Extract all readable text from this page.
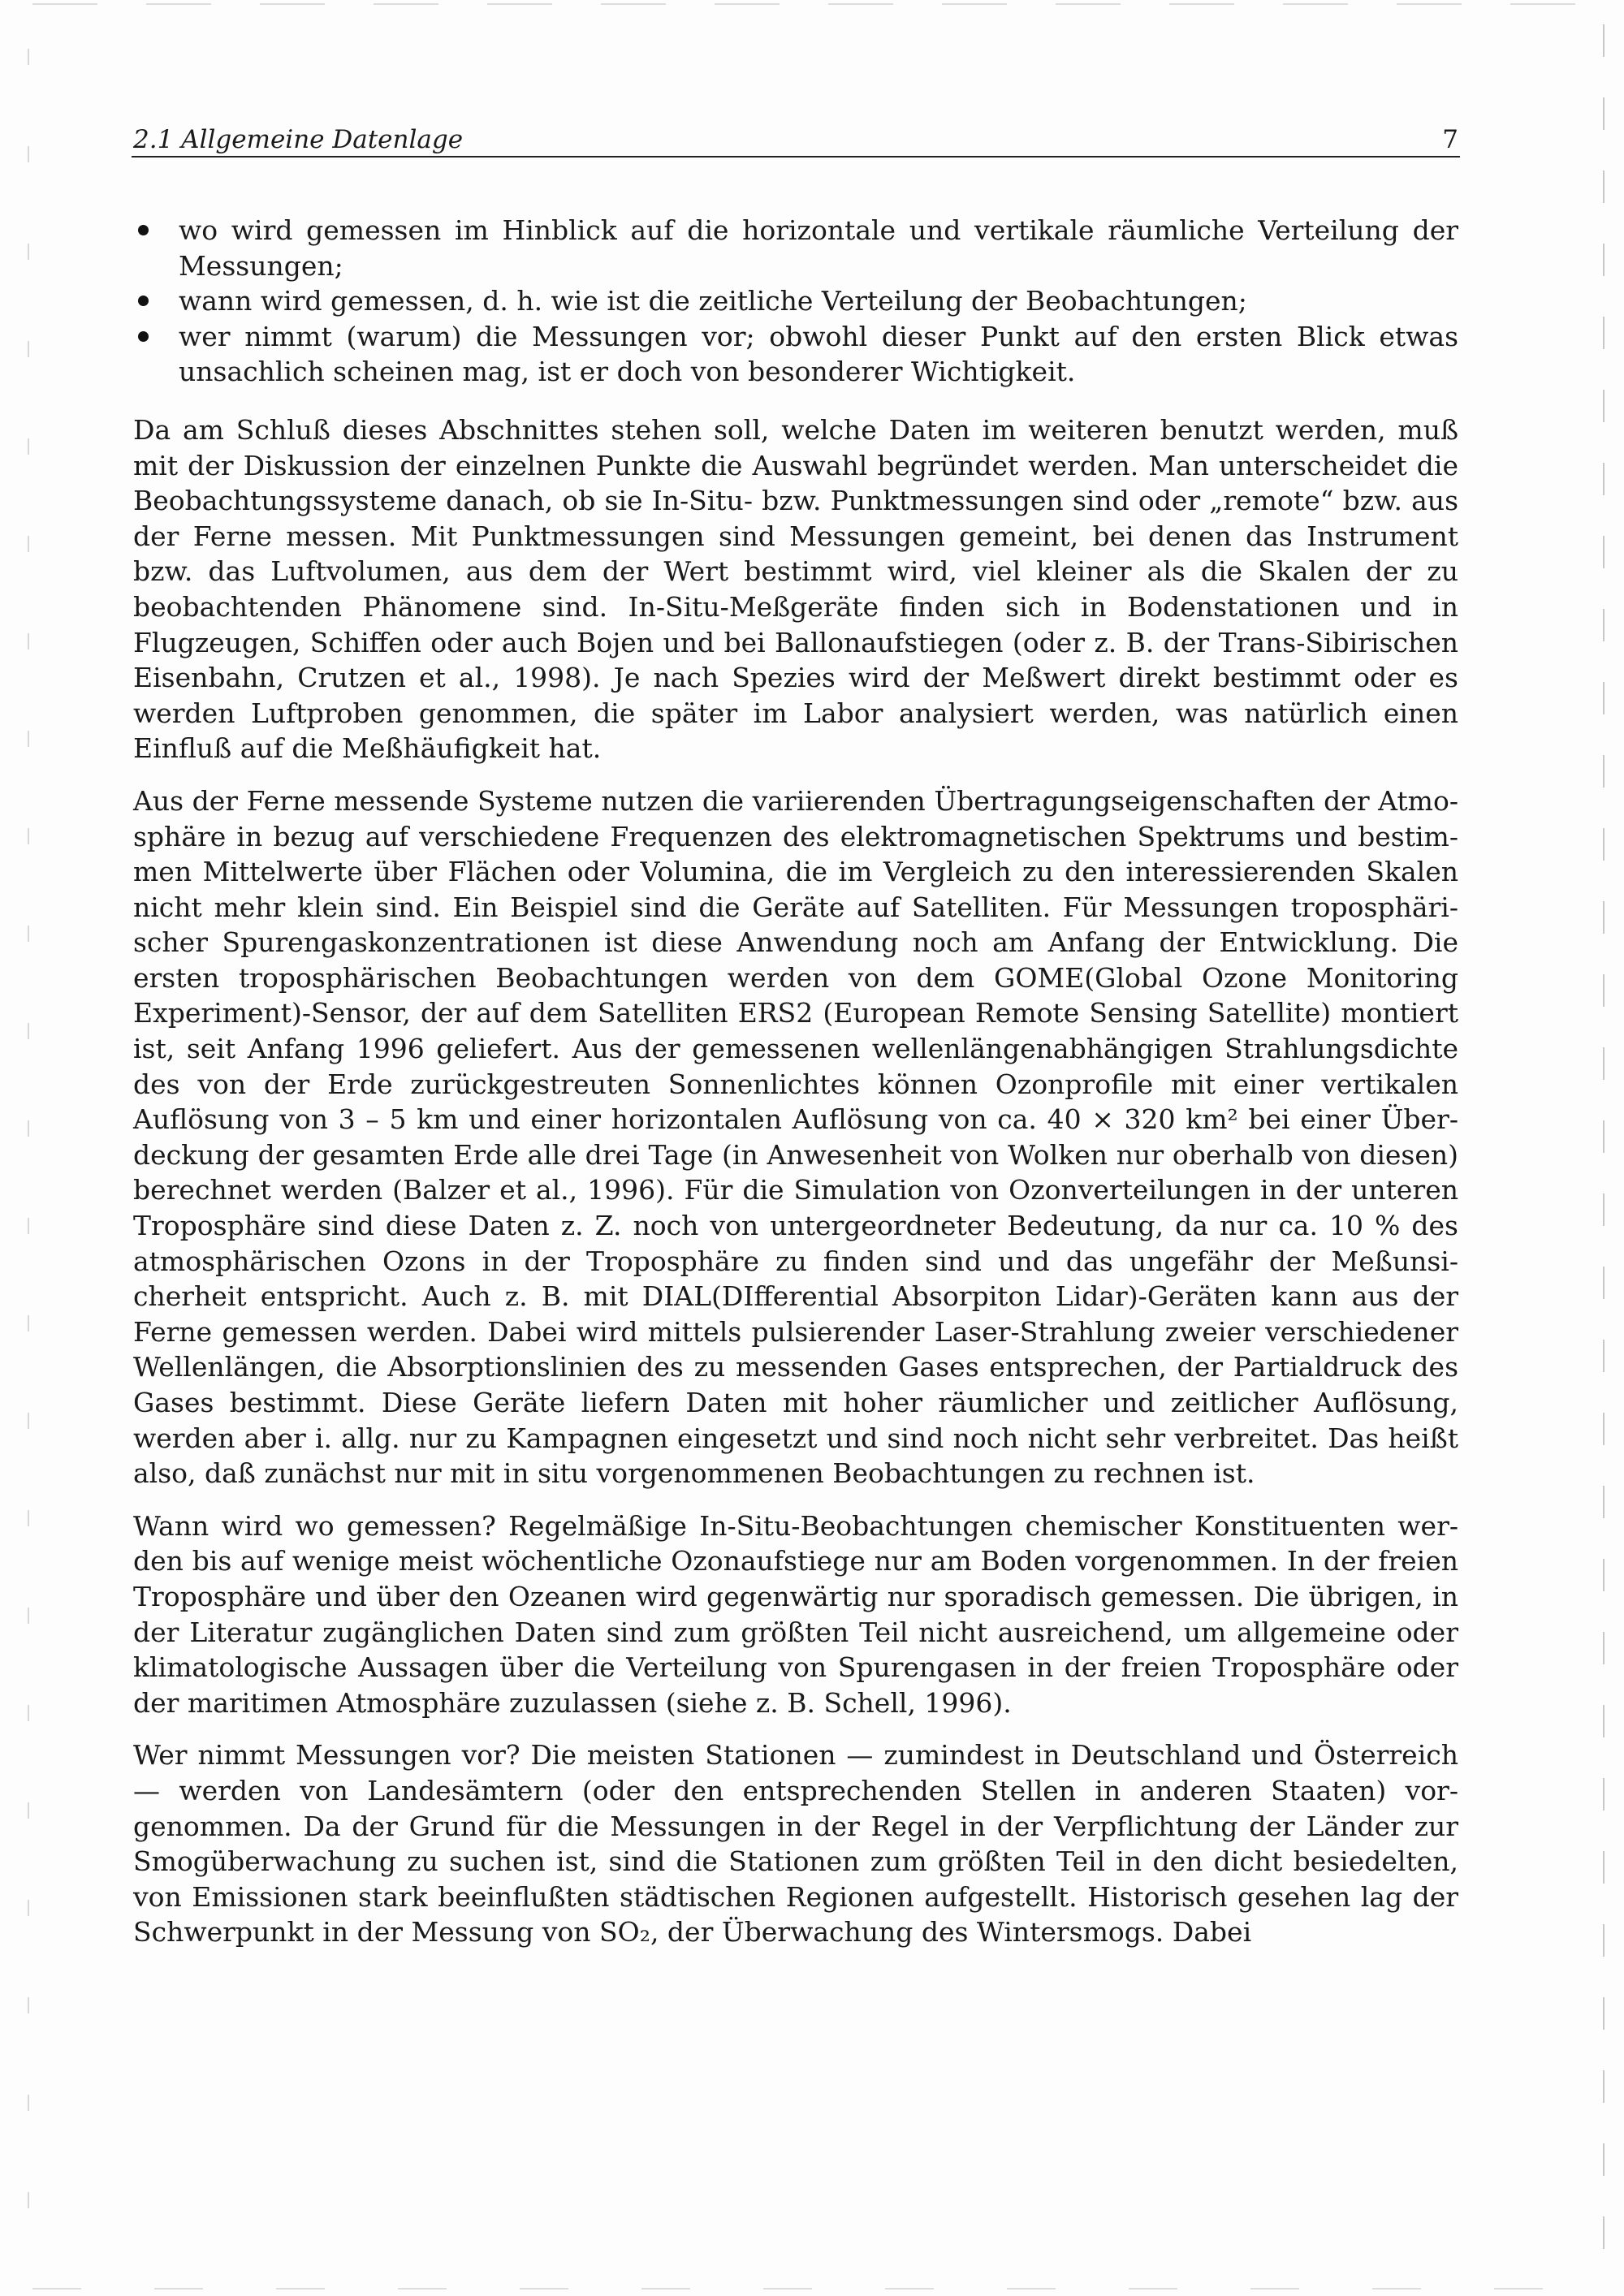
2.1 Allgemeine Datenlage	7
wo wird gemessen im Hinblick auf die horizontale und vertikale räumliche Verteilung der Messungen;
wann wird gemessen, d. h. wie ist die zeitliche Verteilung der Beobachtungen;
wer nimmt (warum) die Messungen vor; obwohl dieser Punkt auf den ersten Blick etwas unsachlich scheinen mag, ist er doch von besonderer Wichtigkeit.

Da am Schluß dieses Abschnittes stehen soll, welche Daten im weiteren benutzt werden, muß mit der Diskussion der einzelnen Punkte die Auswahl begründet werden. Man unterscheidet die Beobachtungssysteme danach, ob sie In-Situ- bzw. Punktmessungen sind oder „remote“ bzw. aus der Ferne messen. Mit Punktmessungen sind Messungen gemeint, bei denen das Instrument bzw. das Luftvolumen, aus dem der Wert bestimmt wird, viel kleiner als die Skalen der zu beobachtenden Phänomene sind. In-Situ-Meßgeräte finden sich in Bodenstationen und in Flugzeugen, Schiffen oder auch Bojen und bei Ballonaufstiegen (oder z. B. der Trans-Sibirischen Eisenbahn, Crutzen et al., 1998). Je nach Spezies wird der Meßwert direkt bestimmt oder es werden Luftproben genommen, die später im Labor analysiert werden, was natürlich einen Einfluß auf die Meßhäufigkeit hat.

Aus der Ferne messende Systeme nutzen die variierenden Übertragungseigenschaften der Atmosphäre in bezug auf verschiedene Frequenzen des elektromagnetischen Spektrums und bestimmen Mittelwerte über Flächen oder Volumina, die im Vergleich zu den interessierenden Skalen nicht mehr klein sind. Ein Beispiel sind die Geräte auf Satelliten. Für Messungen troposphärischer Spurengaskonzentrationen ist diese Anwendung noch am Anfang der Entwicklung. Die ersten troposphärischen Beobachtungen werden von dem GOME(Global Ozone Monitoring Experiment)-Sensor, der auf dem Satelliten ERS2 (European Remote Sensing Satellite) montiert ist, seit Anfang 1996 geliefert. Aus der gemessenen wellenlängenabhängigen Strahlungsdichte des von der Erde zurückgestreuten Sonnenlichtes können Ozonprofile mit einer vertikalen Auflösung von 3 – 5 km und einer horizontalen Auflösung von ca. 40 × 320 km² bei einer Überdeckung der gesamten Erde alle drei Tage (in Anwesenheit von Wolken nur oberhalb von diesen) berechnet werden (Balzer et al., 1996). Für die Simulation von Ozonverteilungen in der unteren Troposphäre sind diese Daten z. Z. noch von untergeordneter Bedeutung, da nur ca. 10 % des atmosphärischen Ozons in der Troposphäre zu finden sind und das ungefähr der Meßunsicherheit entspricht. Auch z. B. mit DIAL(DIfferential Absorpiton Lidar)-Geräten kann aus der Ferne gemessen werden. Dabei wird mittels pulsierender Laser-Strahlung zweier verschiedener Wellenlängen, die Absorptionslinien des zu messenden Gases entsprechen, der Partialdruck des Gases bestimmt. Diese Geräte liefern Daten mit hoher räumlicher und zeitlicher Auflösung, werden aber i. allg. nur zu Kampagnen eingesetzt und sind noch nicht sehr verbreitet. Das heißt also, daß zunächst nur mit in situ vorgenommenen Beobachtungen zu rechnen ist.

Wann wird wo gemessen? Regelmäßige In-Situ-Beobachtungen chemischer Konstituenten werden bis auf wenige meist wöchentliche Ozonaufstiege nur am Boden vorgenommen. In der freien Troposphäre und über den Ozeanen wird gegenwärtig nur sporadisch gemessen. Die übrigen, in der Literatur zugänglichen Daten sind zum größten Teil nicht ausreichend, um allgemeine oder klimatologische Aussagen über die Verteilung von Spurengasen in der freien Troposphäre oder der maritimen Atmosphäre zuzulassen (siehe z. B. Schell, 1996).

Wer nimmt Messungen vor? Die meisten Stationen — zumindest in Deutschland und Österreich — werden von Landesämtern (oder den entsprechenden Stellen in anderen Staaten) vorgenommen. Da der Grund für die Messungen in der Regel in der Verpflichtung der Länder zur Smogüberwachung zu suchen ist, sind die Stationen zum größten Teil in den dicht besiedelten, von Emissionen stark beeinflußten städtischen Regionen aufgestellt. Historisch gesehen lag der Schwerpunkt in der Messung von SO₂, der Überwachung des Wintersmogs. Dabei
